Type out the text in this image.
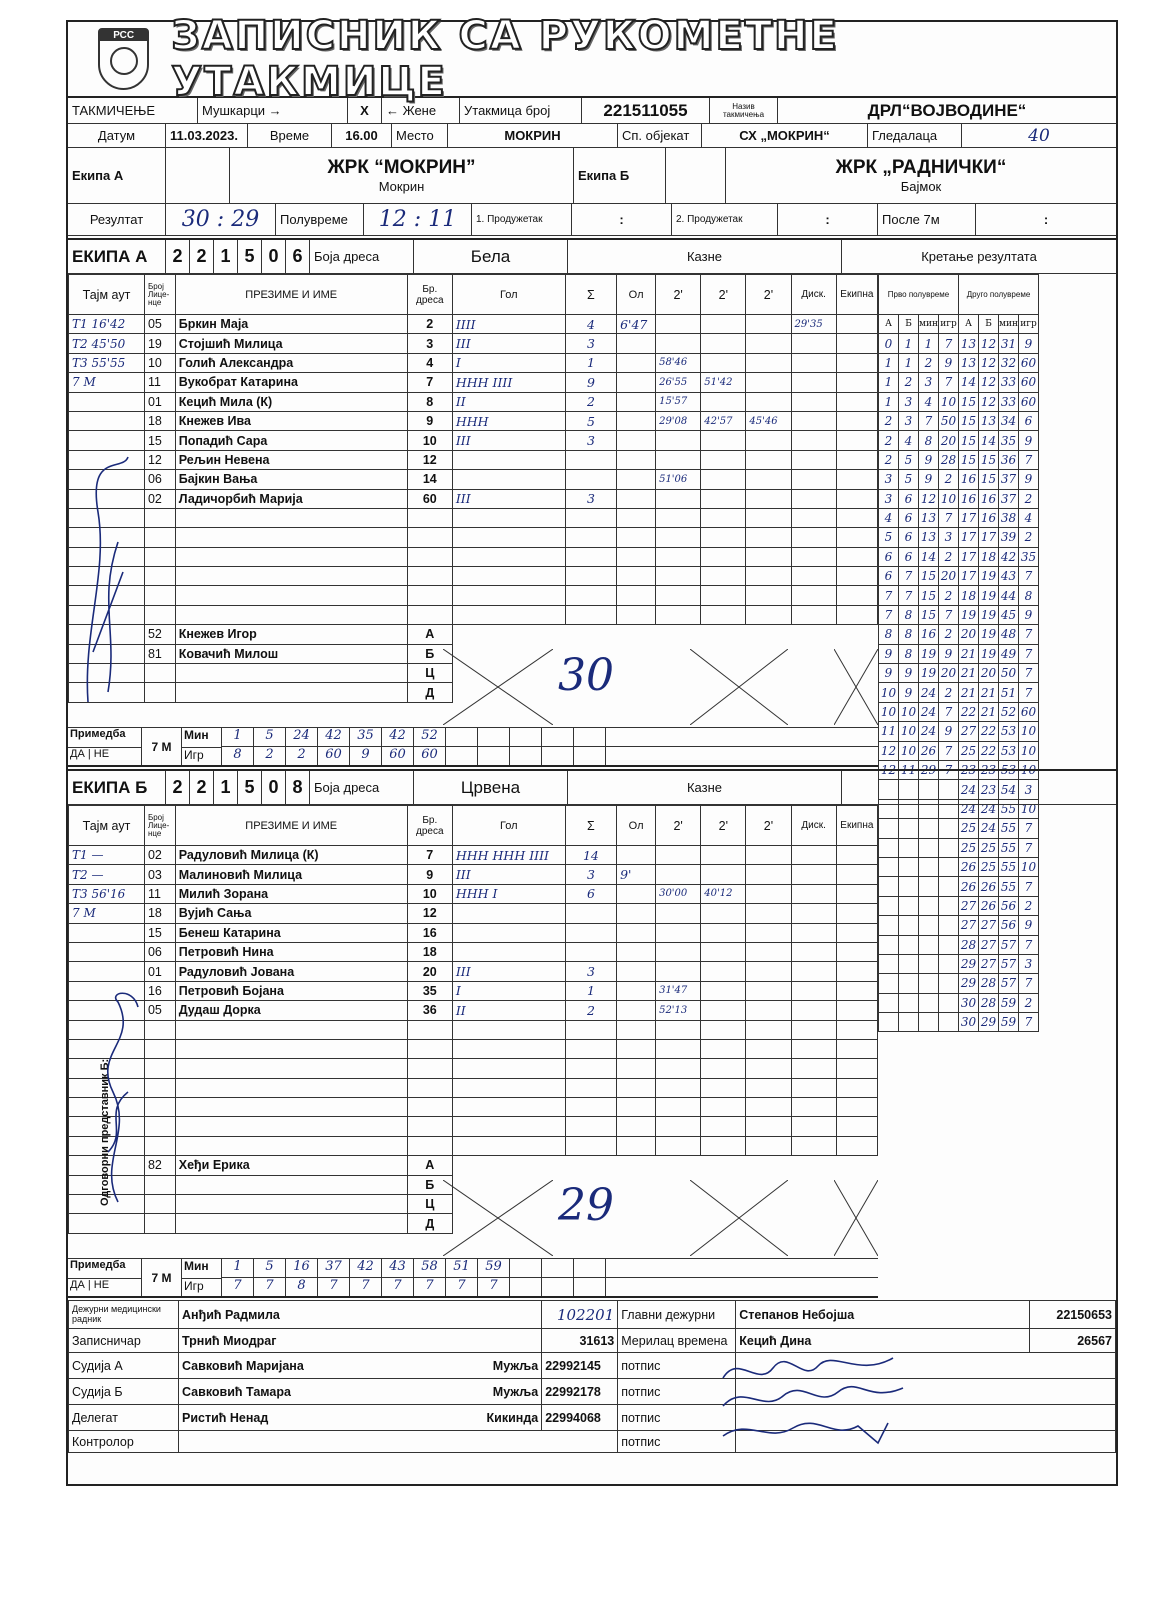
РСС ЗАПИСНИК СА РУКОМЕТНЕ УТАКМИЦЕ
ТАКМИЧЕЊЕ	Мушкарци →	X	← Жене	Утакмица број	221511055	Назив такмичења	ДРЛ“ВОЈВОДИНЕ“
Датум	11.03.2023.	Време	16.00	Место	МОКРИН	Сп. објекат	СХ „МОКРИН“	Гледалаца	40
Екипа А	ЖРК “МОКРИН”
Мокрин
Екипа Б	ЖРК „РАДНИЧКИ“
Бајмок
Резултат	30
:
29	Полувреме	12
:
11	1. Продужетак	:	2. Продужетак	:	После 7м	:
ЕКИПА А	2 2 1 5 0 6 Боја дреса	Бела	Казне	Кретање резултата
Тајм аут	Број Лице- нце	ПРЕЗИМЕ И ИМЕ	Бр. дреса	Гол	Σ	Ол	2'	2'	2'	Диск.	Екипна
Т1 16'42	05	Бркин Маја	2	IIII	4	6'47				29'35	
Т2 45'50	19	Стојшић Милица	3	III	3						
Т3 55'55	10	Голић Александра	4	I	1		58'46				
7 М	11	Вукобрат Катарина	7	HHH IIII	9		26'55	51'42			
	01	Кецић Мила (К)	8	II	2		15'57				
	18	Кнежев Ива	9	HHH	5		29'08	42'57	45'46		
	15	Попадић Сара	10	III	3						
	12	Рељин Невена	12								
	06	Бајкин Вања	14				51'06				
	02	Ладичорбић Марија	60	III	3						

	52	Кнежев Игор	А								
	81	Ковачић Милош	Б								
			Ц								
			Д								
Прво полувреме				Друго полувреме			
А	Б	мин	игр	А	Б	мин	игр
0	1	1	7	13	12	31	9
1	1	2	9	13	12	32	60
1	2	3	7	14	12	33	60
1	3	4	10	15	12	33	60
2	3	7	50	15	13	34	6
2	4	8	20	15	14	35	9
2	5	9	28	15	15	36	7
3	5	9	2	16	15	37	9
3	6	12	10	16	16	37	2
4	6	13	7	17	16	38	4
5	6	13	3	17	17	39	2
6	6	14	2	17	18	42	35
6	7	15	20	17	19	43	7
7	7	15	2	18	19	44	8
7	8	15	7	19	19	45	9
8	8	16	2	20	19	48	7
9	8	19	9	21	19	49	7
9	9	19	20	21	20	50	7
10	9	24	2	21	21	51	7
10	10	24	7	22	21	52	60
11	10	24	9	27	22	53	10
12	10	26	7	25	22	53	10
12	11	29	7	23	23	53	10
				24	23	54	3
				24	24	55	10
				25	24	55	7
				25	25	55	7
				26	25	55	10
				26	26	55	7
				27	26	56	2
				27	27	56	9
				28	27	57	7
				29	27	57	3
				29	28	57	7
				30	28	59	2
				30	29	59	7
30
Примедба
ДА | НЕ
7 М
Мин
Игр
1	5	24	42	35	42	52
8	2	2	60	9	60	60
ЕКИПА Б	2 2 1 5 0 8 Боја дреса	Црвена	Казне
Тајм аут	Број Лице- нце	ПРЕЗИМЕ И ИМЕ	Бр. дреса	Гол	Σ	Ол	2'	2'	2'	Диск.	Екипна
Т1 —	02	Радуловић Милица (К)	7	HHH HHH IIII	14						
Т2 —	03	Малиновић Милица	9	III	3	9'					
Т3 56'16	11	Милић Зорана	10	HHH I	6		30'00	40'12			
7 М	18	Вујић Сања	12								
	15	Бенеш Катарина	16								
	06	Петровић Нина	18								
	01	Радуловић Јована	20	III	3						
	16	Петровић Бојана	35	I	1		31'47				
	05	Дудаш Дорка	36	II	2		52'13				

	82	Хеђи Ерика	А								
			Б								
			Ц								
			Д								
Одговорни представник Б:	29
Примедба
ДА | НЕ
7 М
Мин
Игр
1	5	16	37	42	43	58	51	59
7	7	8	7	7	7	7	7	7
Дежурни медицински радник	Анђић Радмила		102201	Главни дежурни	Степанов Небојша	22150653
Записничар	Трнић Миодраг		31613	Мерилац времена	Кецић Дина	26567
Судија А	Савковић Маријана	Мужља	22992145	потпис		
Судија Б	Савковић Тамара	Мужља	22992178	потпис		
Делегат	Ристић Ненад	Кикинда	22994068	потпис		
Контролор				потпис		
